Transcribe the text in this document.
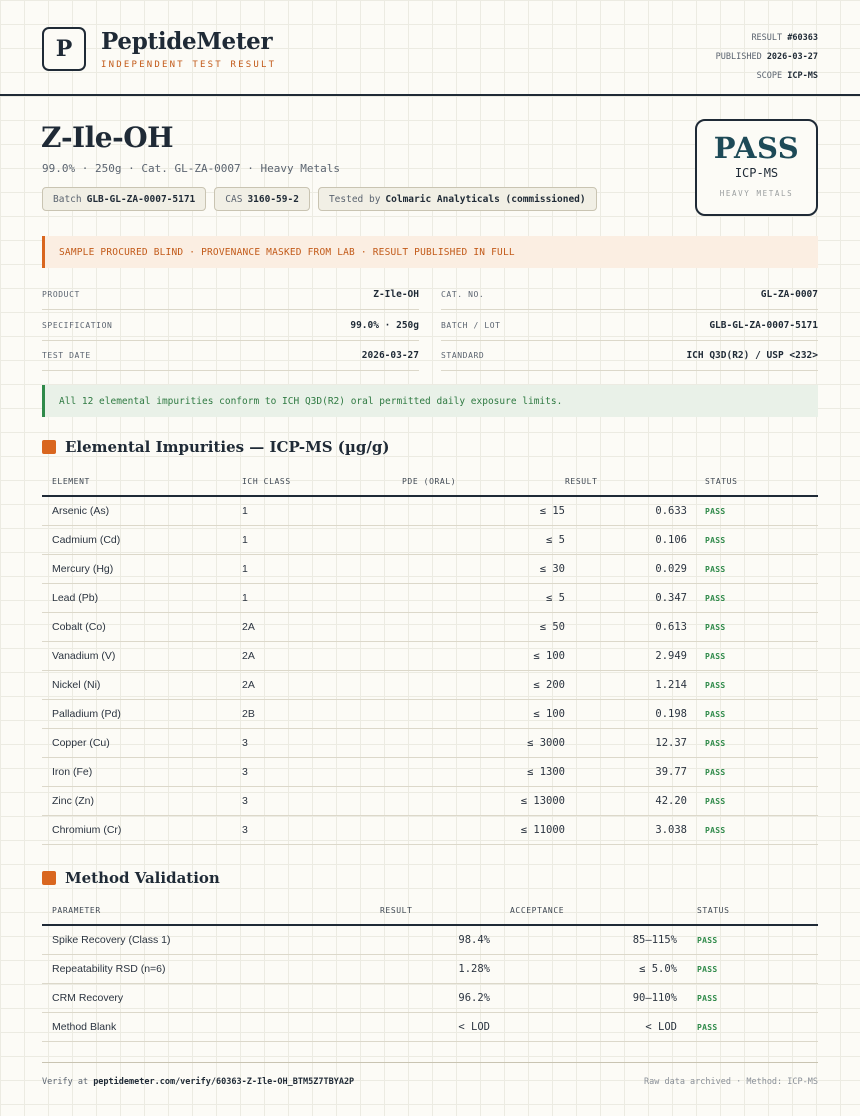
P	PeptideMeter
INDEPENDENT TEST RESULT
RESULT #60363
PUBLISHED 2026-03-27
SCOPE ICP-MS
Z-Ile-OH
99.0% · 250g · Cat. GL-ZA-0007 · Heavy Metals
Batch GLB-GL-ZA-0007-5171	CAS 3160-59-2	Tested by Colmaric Analyticals (commissioned)
PASS
ICP-MS
HEAVY METALS
SAMPLE PROCURED BLIND · PROVENANCE MASKED FROM LAB · RESULT PUBLISHED IN FULL
PRODUCT	Z-Ile-OH
SPECIFICATION	99.0% · 250g
TEST DATE	2026-03-27
CAT. NO.	GL-ZA-0007
BATCH / LOT	GLB-GL-ZA-0007-5171
STANDARD	ICH Q3D(R2) / USP <232>
All 12 elemental impurities conform to ICH Q3D(R2) oral permitted daily exposure limits.
Elemental Impurities — ICP-MS (µg/g)
ELEMENT	ICH CLASS	PDE (ORAL)	RESULT	STATUS
Arsenic (As)	1	≤ 15	0.633	PASS
Cadmium (Cd)	1	≤ 5	0.106	PASS
Mercury (Hg)	1	≤ 30	0.029	PASS
Lead (Pb)	1	≤ 5	0.347	PASS
Cobalt (Co)	2A	≤ 50	0.613	PASS
Vanadium (V)	2A	≤ 100	2.949	PASS
Nickel (Ni)	2A	≤ 200	1.214	PASS
Palladium (Pd)	2B	≤ 100	0.198	PASS
Copper (Cu)	3	≤ 3000	12.37	PASS
Iron (Fe)	3	≤ 1300	39.77	PASS
Zinc (Zn)	3	≤ 13000	42.20	PASS
Chromium (Cr)	3	≤ 11000	3.038	PASS
Method Validation
PARAMETER	RESULT	ACCEPTANCE	STATUS
Spike Recovery (Class 1)	98.4%	85–115%	PASS
Repeatability RSD (n=6)	1.28%	≤ 5.0%	PASS
CRM Recovery	96.2%	90–110%	PASS
Method Blank	< LOD	< LOD	PASS
Verify at peptidemeter.com/verify/60363-Z-Ile-OH_BTM5Z7TBYA2P	Raw data archived · Method: ICP-MS
